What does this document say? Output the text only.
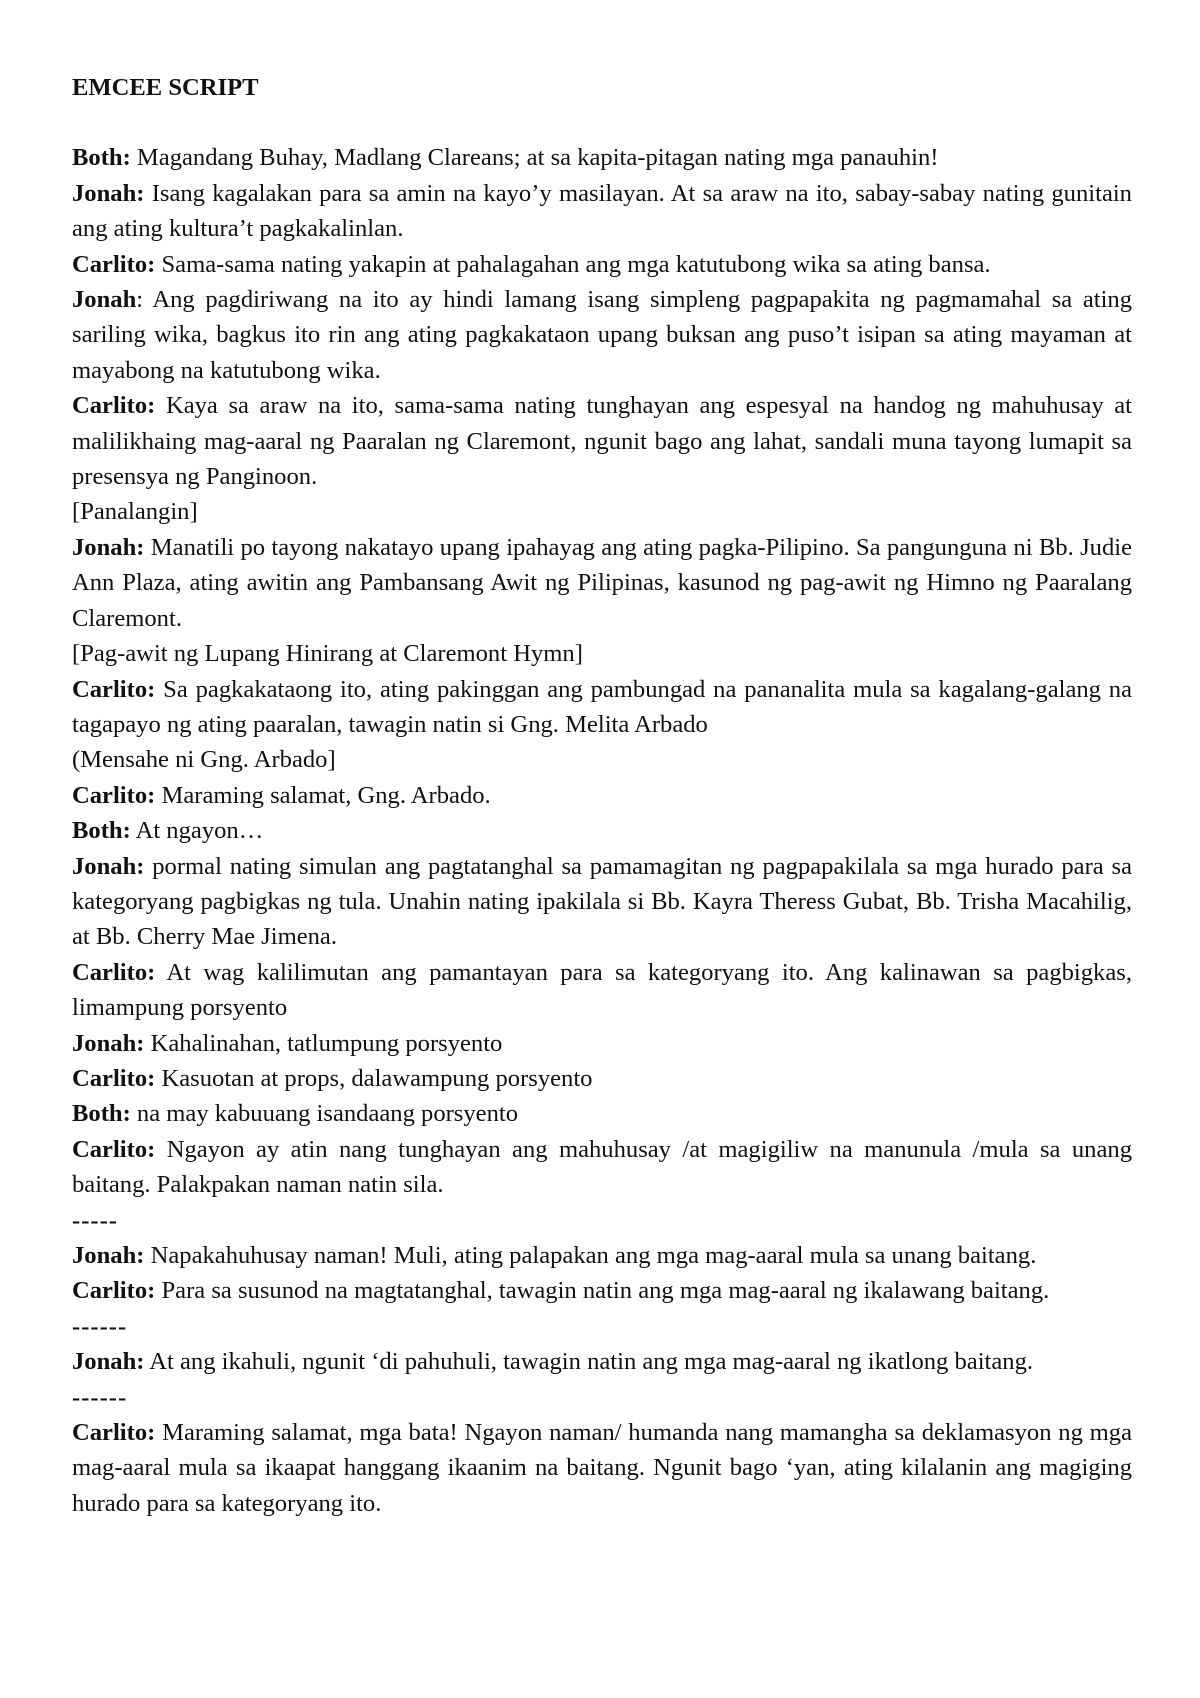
EMCEE SCRIPT

Both: Magandang Buhay, Madlang Clareans; at sa kapita-pitagan nating mga panauhin!

Jonah: Isang kagalakan para sa amin na kayo’y masilayan. At sa araw na ito, sabay-sabay nating gunitain ang ating kultura’t pagkakalinlan.

Carlito: Sama-sama nating yakapin at pahalagahan ang mga katutubong wika sa ating bansa.

Jonah: Ang pagdiriwang na ito ay hindi lamang isang simpleng pagpapakita ng pagmamahal sa ating sariling wika, bagkus ito rin ang ating pagkakataon upang buksan ang puso’t isipan sa ating mayaman at mayabong na katutubong wika.

Carlito: Kaya sa araw na ito, sama-sama nating tunghayan ang espesyal na handog ng mahuhusay at malilikhaing mag-aaral ng Paaralan ng Claremont, ngunit bago ang lahat, sandali muna tayong lumapit sa presensya ng Panginoon.

[Panalangin]

Jonah: Manatili po tayong nakatayo upang ipahayag ang ating pagka-Pilipino. Sa pangunguna ni Bb. Judie Ann Plaza, ating awitin ang Pambansang Awit ng Pilipinas, kasunod ng pag-awit ng Himno ng Paaralang Claremont.

[Pag-awit ng Lupang Hinirang at Claremont Hymn]

Carlito: Sa pagkakataong ito, ating pakinggan ang pambungad na pananalita mula sa kagalang-galang na tagapayo ng ating paaralan, tawagin natin si Gng. Melita Arbado

(Mensahe ni Gng. Arbado]

Carlito: Maraming salamat, Gng. Arbado.

Both: At ngayon…

Jonah: pormal nating simulan ang pagtatanghal sa pamamagitan ng pagpapakilala sa mga hurado para sa kategoryang pagbigkas ng tula. Unahin nating ipakilala si Bb. Kayra Theress Gubat, Bb. Trisha Macahilig, at Bb. Cherry Mae Jimena.

Carlito: At wag kalilimutan ang pamantayan para sa kategoryang ito. Ang kalinawan sa pagbigkas, limampung porsyento

Jonah: Kahalinahan, tatlumpung porsyento

Carlito: Kasuotan at props, dalawampung porsyento

Both: na may kabuuang isandaang porsyento

Carlito: Ngayon ay atin nang tunghayan ang mahuhusay /at magigiliw na manunula /mula sa unang baitang. Palakpakan naman natin sila.

-----

Jonah: Napakahuhusay naman! Muli, ating palapakan ang mga mag-aaral mula sa unang baitang.

Carlito: Para sa susunod na magtatanghal, tawagin natin ang mga mag-aaral ng ikalawang baitang.

------

Jonah: At ang ikahuli, ngunit ‘di pahuhuli, tawagin natin ang mga mag-aaral ng ikatlong baitang.

------

Carlito: Maraming salamat, mga bata! Ngayon naman/ humanda nang mamangha sa deklamasyon ng mga mag-aaral mula sa ikaapat hanggang ikaanim na baitang. Ngunit bago ‘yan, ating kilalanin ang magiging hurado para sa kategoryang ito.
